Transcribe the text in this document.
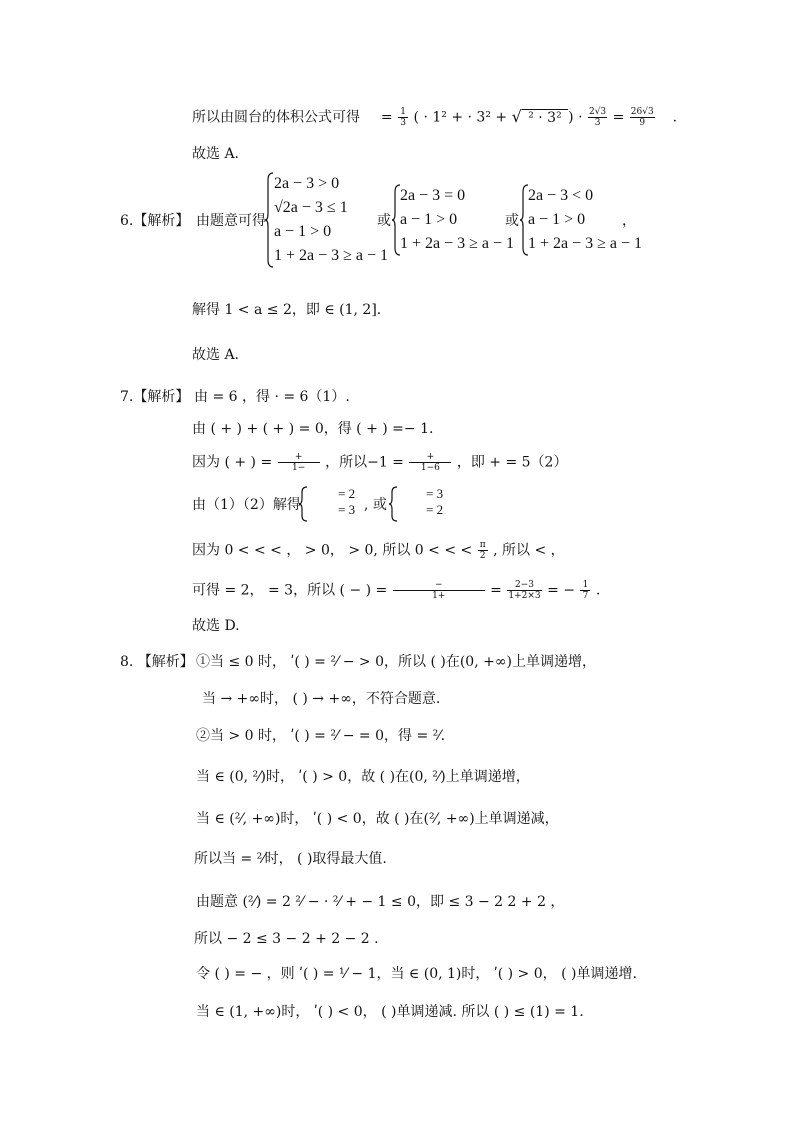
所以由圆台的体积公式可得 = $\frac{1}{3}$ ( · 1² + · 3² + √ ² · 3² ) · $\frac{2√3}{3} = \frac{26√3}{9}$ .
故选 A.
6.【解析】 由题意可得
2a − 3 > 0
√2a − 3 ≤ 1
a − 1 > 0
1 + 2a − 3 ≥ a − 1
或
2a − 3 = 0
a − 1 > 0
1 + 2a − 3 ≥ a − 1
或
2a − 3 < 0
a − 1 > 0
1 + 2a − 3 ≥ a − 1
，
解得 1 < a ≤ 2，即 ∈ (1, 2].
故选 A.
7.【解析】 由 = 6 ，得 · = 6（1）.
由 ( + ) + ( + ) = 0，得 ( + ) =− 1.
因为 ( + ) = $\frac{+}{1-}$ ，所以$-1 = \frac{+}{1-6}$ ，即 + = 5（2）
由（1）（2）解得
= 2
= 3 , 或
= 3
= 2
因为 0 < < < ， > 0， > 0, 所以 0 < < < $\frac{\pi}{2}$ , 所以 < ，
可得 = 2， = 3，所以 ( − ) = $\frac{-}{1+} = \frac{2-3}{1+2\times 3}$ = − $\frac{1}{7}$ .
故选 D.
8. 【解析】 ①当 ≤ 0 时， ʹ( ) = ²⁄ − > 0，所以 ( )在(0, +∞)上单调递增，
当 → +∞时， ( ) → +∞，不符合题意.
②当 > 0 时， ʹ( ) = ²⁄ − = 0，得 = ²⁄.
当 ∈ (0, ²⁄)时， ʹ( ) > 0，故 ( )在(0, ²⁄)上单调递增，
当 ∈ (²⁄, +∞)时， ʹ( ) < 0，故 ( )在(²⁄, +∞)上单调递减，
所以当 = ²⁄时， ( )取得最大值.
由题意 (²⁄) = 2 ²⁄ − · ²⁄ + − 1 ≤ 0，即 ≤ 3 − 2 2 + 2 ，
所以 − 2 ≤ 3 − 2 + 2 − 2 .
令 ( ) = − ，则 ʹ( ) = ¹⁄ − 1，当 ∈ (0, 1)时， ʹ( ) > 0， ( )单调递增.
当 ∈ (1, +∞)时， ʹ( ) < 0， ( )单调递减. 所以 ( ) ≤ (1) = 1.
